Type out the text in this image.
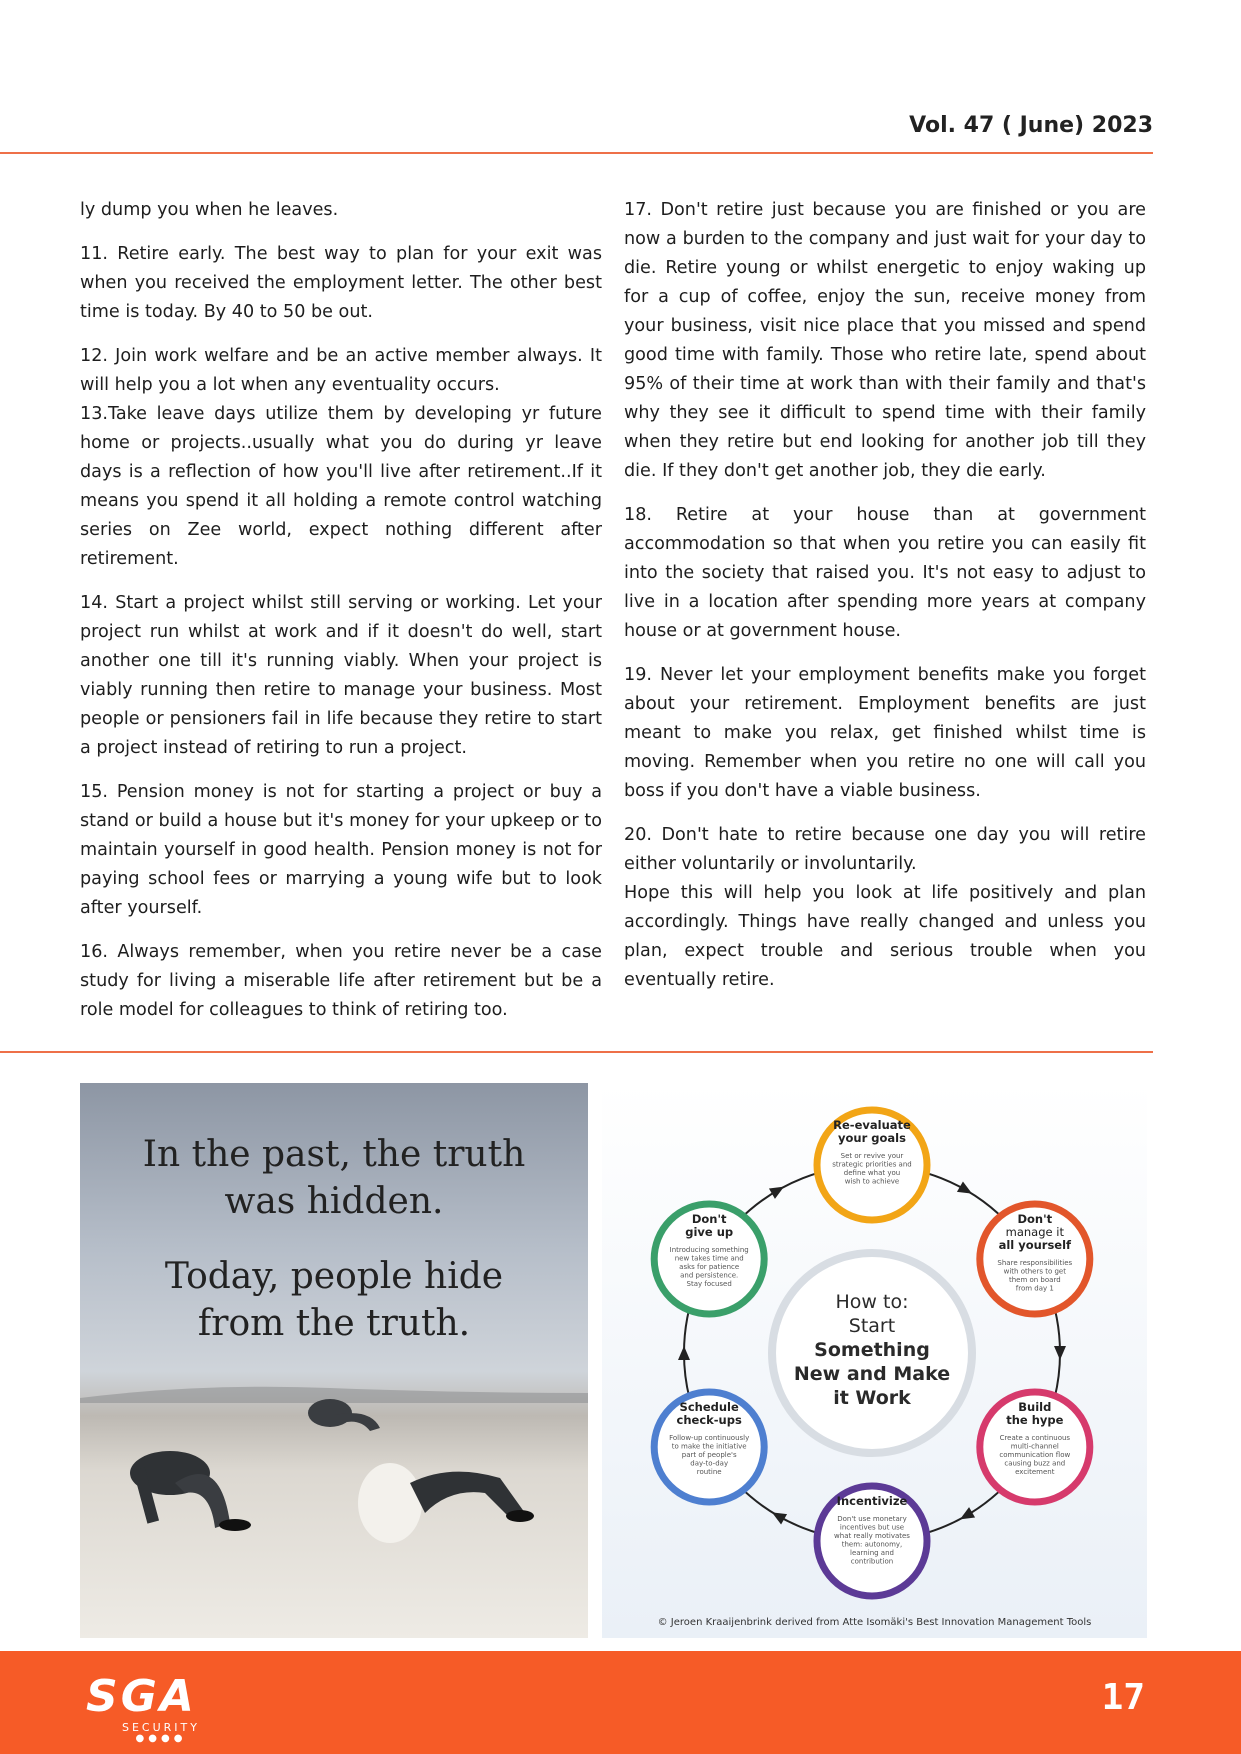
Vol. 47 ( June) 2023

ly dump you when he leaves.

11. Retire early. The best way to plan for your exit was when you received the employment letter. The other best time is today. By 40 to 50 be out.

12. Join work welfare and be an active member always. It will help you a lot when any eventuality occurs.

13.Take leave days utilize them by developing yr future home or projects..usually what you do during yr leave days is a reflection of how you'll live after retirement..If it means you spend it all holding a remote control watching series on Zee world, expect nothing different after retirement.

14. Start a project whilst still serving or working. Let your project run whilst at work and if it doesn't do well, start another one till it's running viably. When your project is viably running then retire to manage your business. Most people or pensioners fail in life because they retire to start a project instead of retiring to run a project.

15. Pension money is not for starting a project or buy a stand or build a house but it's money for your upkeep or to maintain yourself in good health. Pension money is not for paying school fees or marrying a young wife but to look after yourself.

16. Always remember, when you retire never be a case study for living a miserable life after retirement but be a role model for colleagues to think of retiring too.

17. Don't retire just because you are finished or you are now a burden to the company and just wait for your day to die. Retire young or whilst energetic to enjoy waking up for a cup of coffee, enjoy the sun, receive money from your business, visit nice place that you missed and spend good time with family. Those who retire late, spend about 95% of their time at work than with their family and that's why they see it difficult to spend time with their family when they retire but end looking for another job till they die. If they don't get another job, they die early.

18. Retire at your house than at government accommodation so that when you retire you can easily fit into the society that raised you. It's not easy to adjust to live in a location after spending more years at company house or at government house.

19. Never let your employment benefits make you forget about your retirement. Employment benefits are just meant to make you relax, get finished whilst time is moving. Remember when you retire no one will call you boss if you don't have a viable business.

20. Don't hate to retire because one day you will retire either voluntarily or involuntarily.

Hope this will help you look at life positively and plan accordingly. Things have really changed and unless you plan, expect trouble and serious trouble when you eventually retire.

In the past, the truth
was hidden.
Today, people hide
from the truth.
How to:
Start
Something
New and Make
it Work
Re-evaluate
your goals
Set or revive your
strategic priorities and
define what you
wish to achieve
Don't
manage it
all yourself
Share responsibilities
with others to get
them on board
from day 1
Build
the hype
Create a continuous
multi-channel
communication flow
causing buzz and
excitement
Incentivize
Don't use monetary
incentives but use
what really motivates
them: autonomy,
learning and
contribution
Schedule
check-ups
Follow-up continuously
to make the initiative
part of people's
day-to-day
routine
Don't
give up
Introducing something
new takes time and
asks for patience
and persistence.
Stay focused
© Jeroen Kraaijenbrink derived from Atte Isomäki's Best Innovation Management Tools
SGA
SECURITY
●●●●
17
